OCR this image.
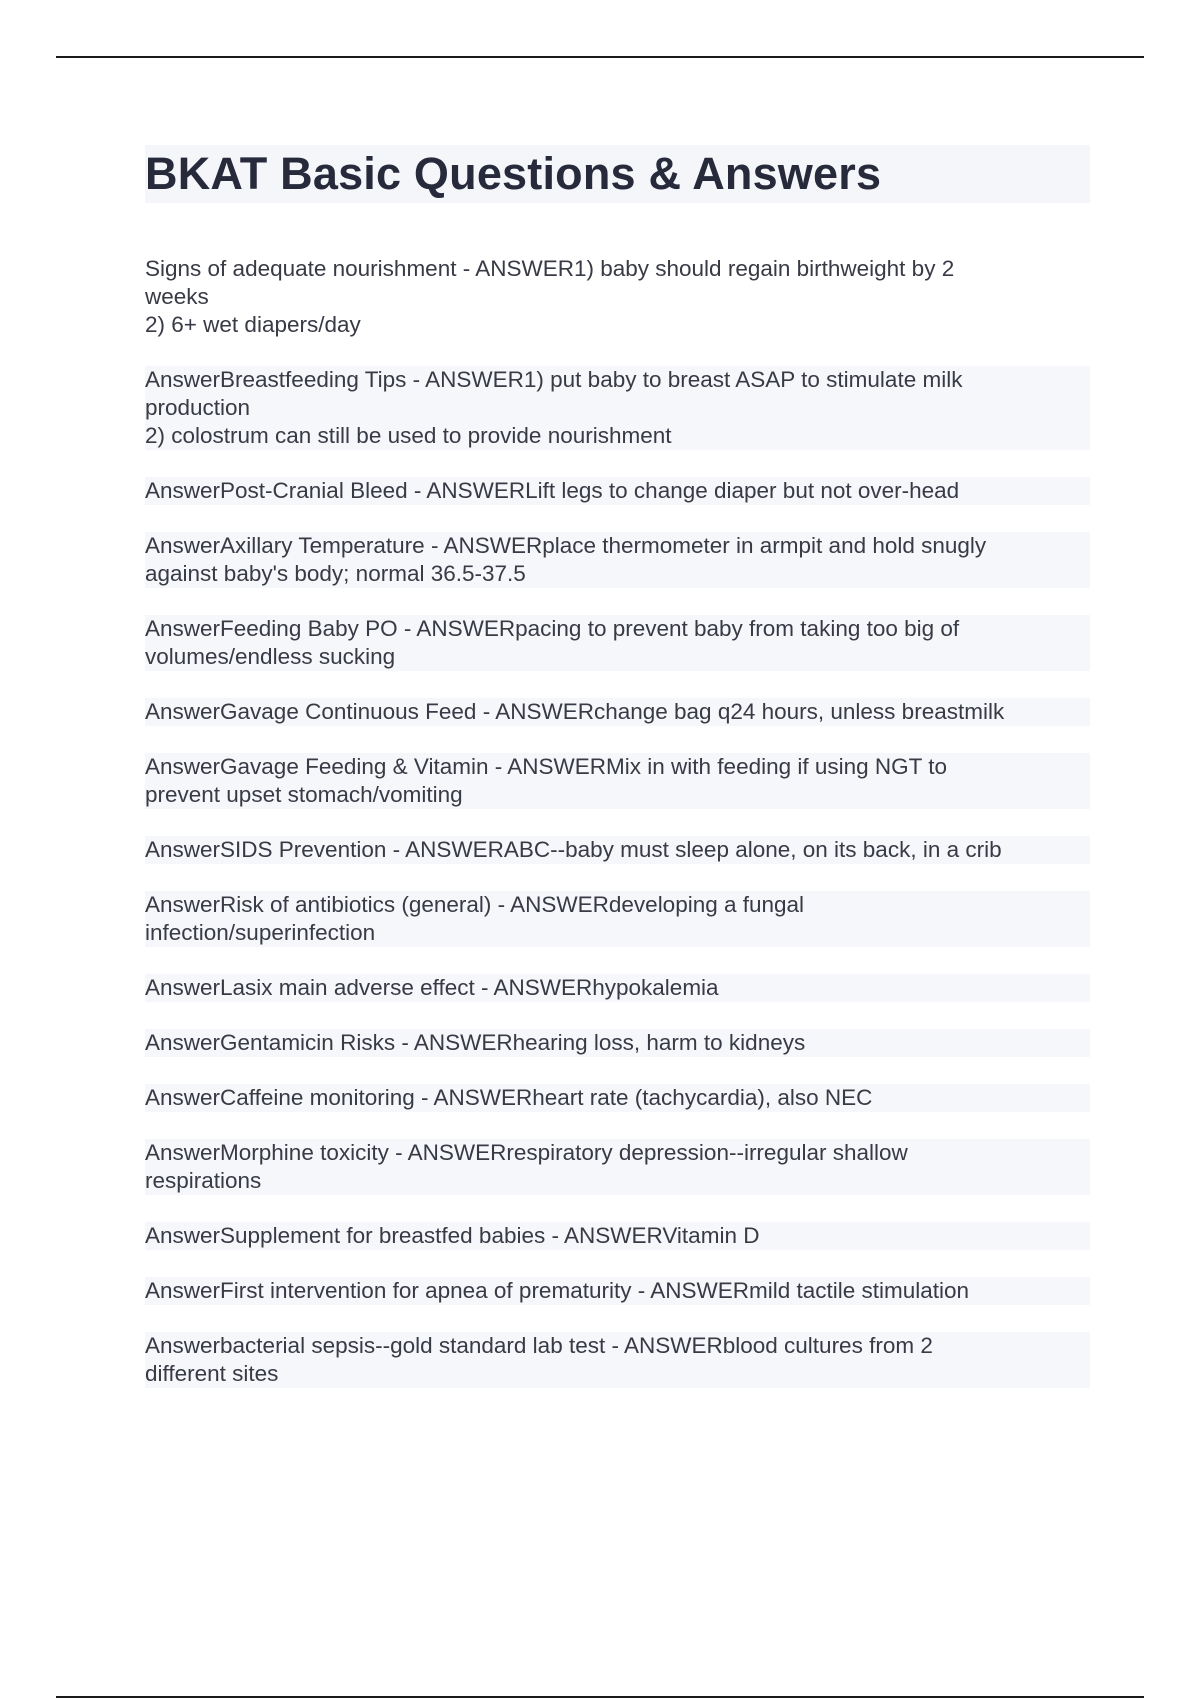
BKAT Basic Questions & Answers
Signs of adequate nourishment - ANSWER1) baby should regain birthweight by 2
weeks
2) 6+ wet diapers/day
AnswerBreastfeeding Tips - ANSWER1) put baby to breast ASAP to stimulate milk
production
2) colostrum can still be used to provide nourishment
AnswerPost-Cranial Bleed - ANSWERLift legs to change diaper but not over-head
AnswerAxillary Temperature - ANSWERplace thermometer in armpit and hold snugly
against baby's body; normal 36.5-37.5
AnswerFeeding Baby PO - ANSWERpacing to prevent baby from taking too big of
volumes/endless sucking
AnswerGavage Continuous Feed - ANSWERchange bag q24 hours, unless breastmilk
AnswerGavage Feeding & Vitamin - ANSWERMix in with feeding if using NGT to
prevent upset stomach/vomiting
AnswerSIDS Prevention - ANSWERABC--baby must sleep alone, on its back, in a crib
AnswerRisk of antibiotics (general) - ANSWERdeveloping a fungal
infection/superinfection
AnswerLasix main adverse effect - ANSWERhypokalemia
AnswerGentamicin Risks - ANSWERhearing loss, harm to kidneys
AnswerCaffeine monitoring - ANSWERheart rate (tachycardia), also NEC
AnswerMorphine toxicity - ANSWERrespiratory depression--irregular shallow
respirations
AnswerSupplement for breastfed babies - ANSWERVitamin D
AnswerFirst intervention for apnea of prematurity - ANSWERmild tactile stimulation
Answerbacterial sepsis--gold standard lab test - ANSWERblood cultures from 2
different sites
